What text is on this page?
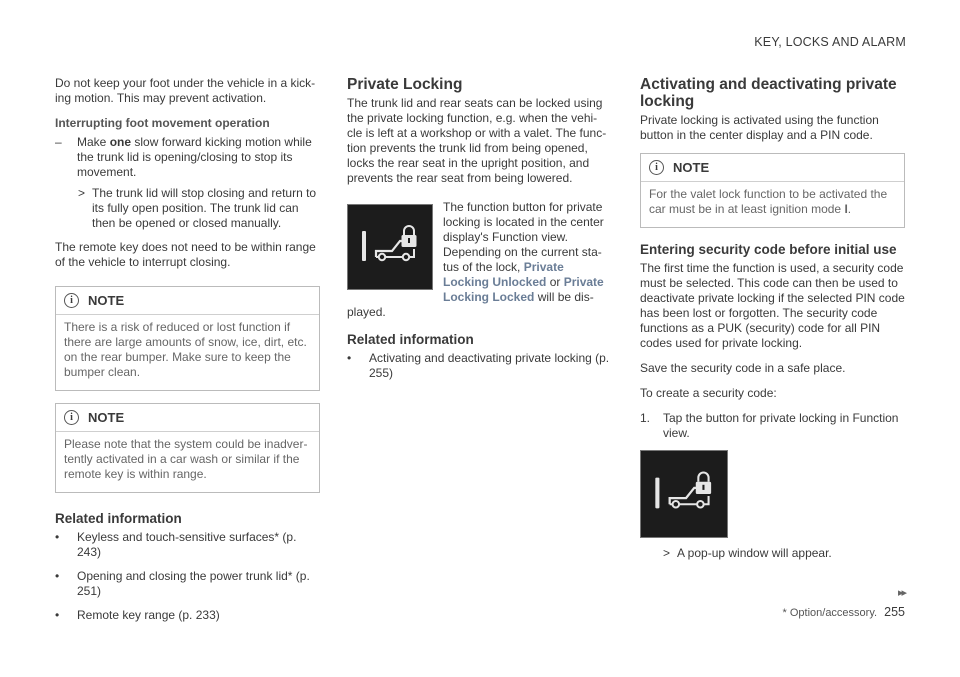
KEY, LOCKS AND ALARM

Do not keep your foot under the vehicle in a kick-ing motion. This may prevent activation.

Interrupting foot movement operation
–	Make one slow forward kicking motion while the trunk lid is opening/closing to stop its movement.
> The trunk lid will stop closing and return to its fully open position. The trunk lid can then be opened or closed manually.

The remote key does not need to be within range of the vehicle to interrupt closing.

i	NOTE
There is a risk of reduced or lost function if there are large amounts of snow, ice, dirt, etc. on the rear bumper. Make sure to keep the bumper clean.
i	NOTE
Please note that the system could be inadver-tently activated in a car wash or similar if the remote key is within range.
Related information
•	Keyless and touch-sensitive surfaces* (p. 243)
•	Opening and closing the power trunk lid* (p. 251)
•	Remote key range (p. 233)
Private Locking

The trunk lid and rear seats can be locked using the private locking function, e.g. when the vehi-cle is left at a workshop or with a valet. The func-tion prevents the trunk lid from being opened, locks the rear seat in the upright position, and prevents the rear seat from being lowered.

The function button for private locking is located in the center display's Function view. Depending on the current sta-tus of the lock, Private Locking Unlocked or Private Locking Locked will be dis-played.
Related information
•	Activating and deactivating private locking (p. 255)
Activating and deactivating private locking

Private locking is activated using the function button in the center display and a PIN code.

i	NOTE
For the valet lock function to be activated the car must be in at least ignition mode I.
Entering security code before initial use

The first time the function is used, a security code must be selected. This code can then be used to deactivate private locking if the selected PIN code has been lost or forgotten. The security code functions as a PUK (security) code for all PIN codes used for private locking.

Save the security code in a safe place.

To create a security code:

1.	Tap the button for private locking in Function view.
> A pop-up window will appear.
▸▸
* Option/accessory. 255
